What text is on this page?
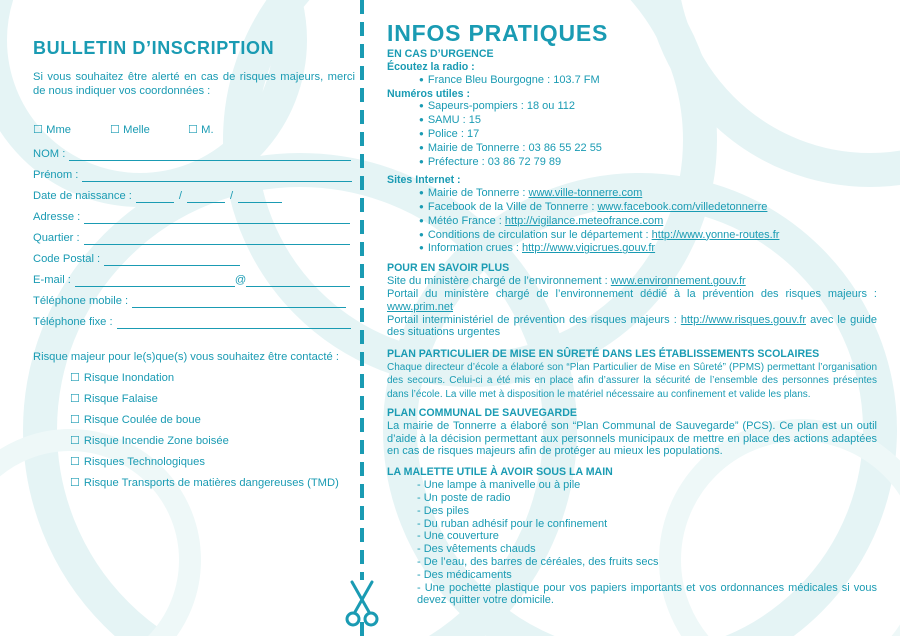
BULLETIN D’INSCRIPTION
Si vous souhaitez être alerté en cas de risques majeurs, merci de nous indiquer vos coordonnées :
☐ Mme	☐ Melle	☐ M.
NOM :
Prénom :
Date de naissance :	/	/
Adresse :
Quartier :
Code Postal :
E-mail :	@
Téléphone mobile :
Téléphone fixe :
Risque majeur pour le(s)que(s) vous souhaitez être contacté :
☐ Risque Inondation
☐ Risque Falaise
☐ Risque Coulée de boue
☐ Risque Incendie Zone boisée
☐ Risques Technologiques
☐ Risque Transports de matières dangereuses (TMD)
INFOS PRATIQUES
EN CAS D’URGENCE
Écoutez la radio :
● France Bleu Bourgogne : 103.7 FM
Numéros utiles :
● Sapeurs-pompiers : 18 ou 112
● SAMU : 15
● Police : 17
● Mairie de Tonnerre : 03 86 55 22 55
● Préfecture : 03 86 72 79 89
Sites Internet :
● Mairie de Tonnerre : www.ville-tonnerre.com
● Facebook de la Ville de Tonnerre : www.facebook.com/villedetonnerre
● Météo France : http://vigilance.meteofrance.com
● Conditions de circulation sur le département : http://www.yonne-routes.fr
● Information crues : http://www.vigicrues.gouv.fr
POUR EN SAVOIR PLUS

Site du ministère chargé de l’environnement : www.environnement.gouv.fr

Portail du ministère chargé de l’environnement dédié à la prévention des risques majeurs : www.prim.net

Portail interministériel de prévention des risques majeurs : http://www.risques.gouv.fr avec le guide des situations urgentes

PLAN PARTICULIER DE MISE EN SÛRETÉ DANS LES ÉTABLISSEMENTS SCOLAIRES

Chaque directeur d’école a élaboré son “Plan Particulier de Mise en Sûreté” (PPMS) permettant l’organisation des secours. Celui-ci a été mis en place afin d’assurer la sécurité de l’ensemble des personnes présentes dans l’école. La ville met à disposition le matériel nécessaire au confinement et valide les plans.

PLAN COMMUNAL DE SAUVEGARDE

La mairie de Tonnerre a élaboré son “Plan Communal de Sauvegarde” (PCS). Ce plan est un outil d’aide à la décision permettant aux personnels municipaux de mettre en place des actions adaptées en cas de risques majeurs afin de protéger au mieux les populations.

LA MALETTE UTILE À AVOIR SOUS LA MAIN
- Une lampe à manivelle ou à pile
- Un poste de radio
- Des piles
- Du ruban adhésif pour le confinement
- Une couverture
- Des vêtements chauds
- De l’eau, des barres de céréales, des fruits secs
- Des médicaments
- Une pochette plastique pour vos papiers importants et vos ordonnances médicales si vous devez quitter votre domicile.
